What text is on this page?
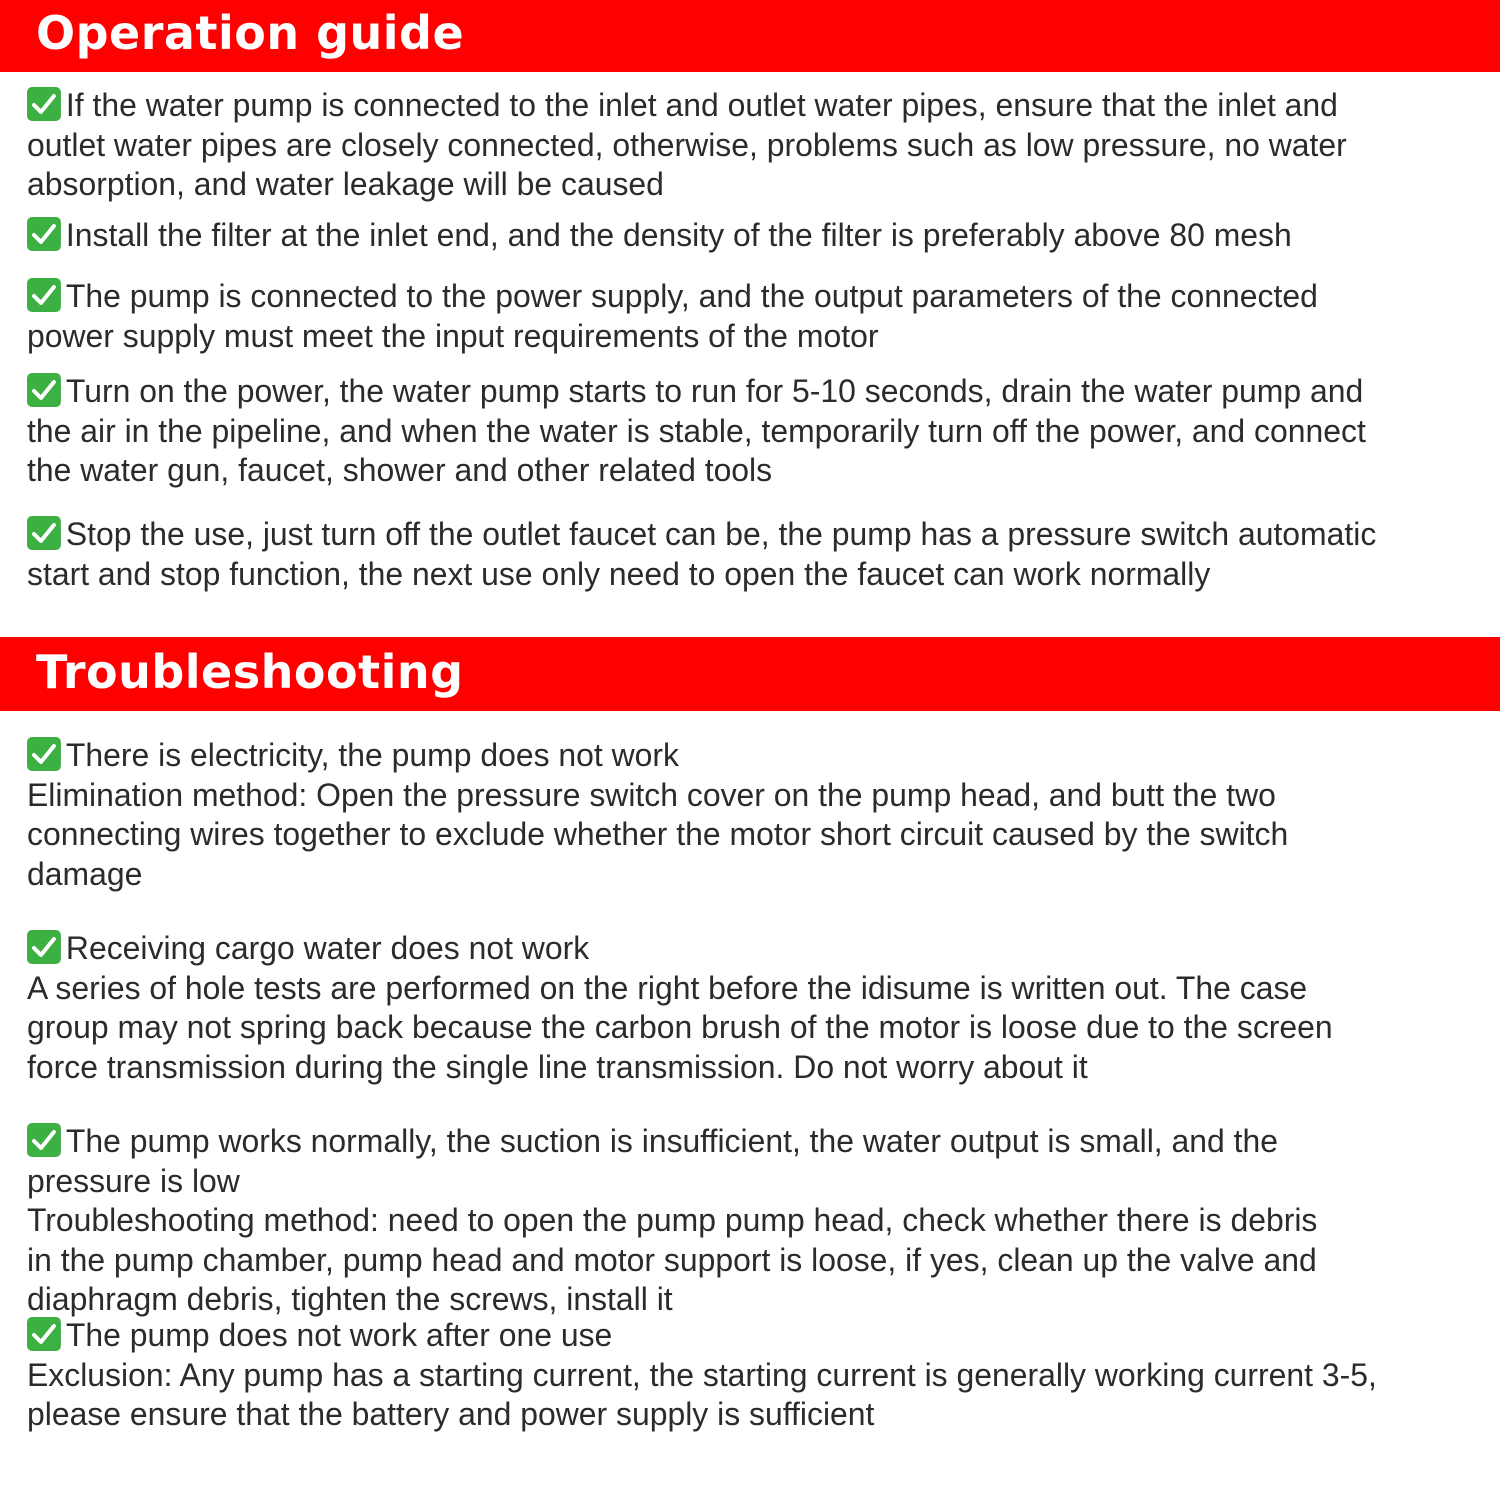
Operation guide
If the water pump is connected to the inlet and outlet water pipes, ensure that the inlet and
outlet water pipes are closely connected, otherwise, problems such as low pressure, no water
absorption, and water leakage will be caused
Install the filter at the inlet end, and the density of the filter is preferably above 80 mesh
The pump is connected to the power supply, and the output parameters of the connected
power supply must meet the input requirements of the motor
Turn on the power, the water pump starts to run for 5-10 seconds, drain the water pump and
the air in the pipeline, and when the water is stable, temporarily turn off the power, and connect
the water gun, faucet, shower and other related tools
Stop the use, just turn off the outlet faucet can be, the pump has a pressure switch automatic
start and stop function, the next use only need to open the faucet can work normally
Troubleshooting
There is electricity, the pump does not work
Elimination method: Open the pressure switch cover on the pump head, and butt the two
connecting wires together to exclude whether the motor short circuit caused by the switch
damage
Receiving cargo water does not work
A series of hole tests are performed on the right before the idisume is written out. The case
group may not spring back because the carbon brush of the motor is loose due to the screen
force transmission during the single line transmission. Do not worry about it
The pump works normally, the suction is insufficient, the water output is small, and the
pressure is low
Troubleshooting method: need to open the pump pump head, check whether there is debris
in the pump chamber, pump head and motor support is loose, if yes, clean up the valve and
diaphragm debris, tighten the screws, install it
The pump does not work after one use
Exclusion: Any pump has a starting current, the starting current is generally working current 3-5,
please ensure that the battery and power supply is sufficient
